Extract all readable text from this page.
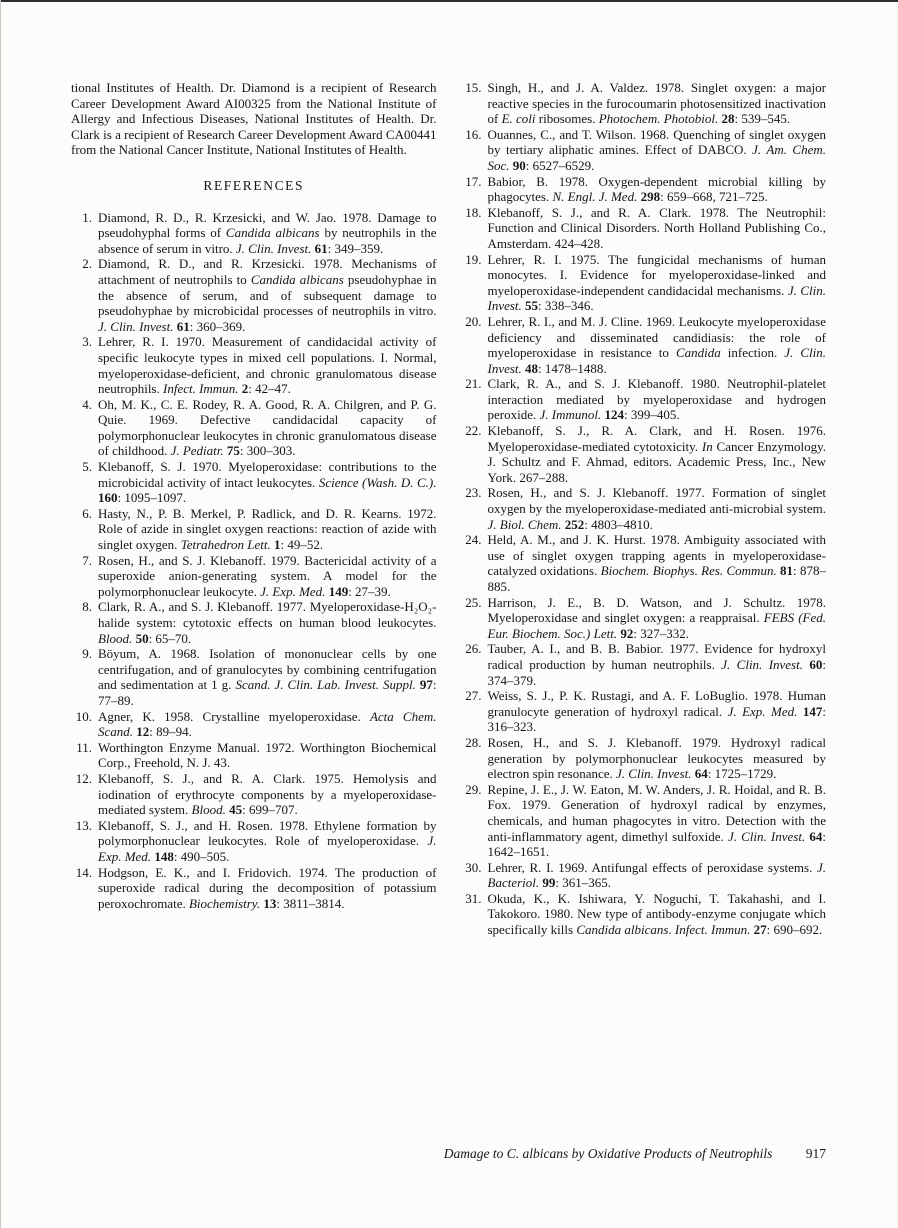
tional Institutes of Health. Dr. Diamond is a recipient of Research Career Development Award AI00325 from the National Institute of Allergy and Infectious Diseases, National Institutes of Health. Dr. Clark is a recipient of Research Career Development Award CA00441 from the National Cancer Institute, National Institutes of Health.

REFERENCES
1. Diamond, R. D., R. Krzesicki, and W. Jao. 1978. Damage to pseudohyphal forms of Candida albicans by neutrophils in the absence of serum in vitro. J. Clin. Invest. 61: 349–359.
2. Diamond, R. D., and R. Krzesicki. 1978. Mechanisms of attachment of neutrophils to Candida albicans pseudohyphae in the absence of serum, and of subsequent damage to pseudohyphae by microbicidal processes of neutrophils in vitro. J. Clin. Invest. 61: 360–369.
3. Lehrer, R. I. 1970. Measurement of candidacidal activity of specific leukocyte types in mixed cell populations. I. Normal, myeloperoxidase-deficient, and chronic granulomatous disease neutrophils. Infect. Immun. 2: 42–47.
4. Oh, M. K., C. E. Rodey, R. A. Good, R. A. Chilgren, and P. G. Quie. 1969. Defective candidacidal capacity of polymorphonuclear leukocytes in chronic granulomatous disease of childhood. J. Pediatr. 75: 300–303.
5. Klebanoff, S. J. 1970. Myeloperoxidase: contributions to the microbicidal activity of intact leukocytes. Science (Wash. D. C.). 160: 1095–1097.
6. Hasty, N., P. B. Merkel, P. Radlick, and D. R. Kearns. 1972. Role of azide in singlet oxygen reactions: reaction of azide with singlet oxygen. Tetrahedron Lett. 1: 49–52.
7. Rosen, H., and S. J. Klebanoff. 1979. Bactericidal activity of a superoxide anion-generating system. A model for the polymorphonuclear leukocyte. J. Exp. Med. 149: 27–39.
8. Clark, R. A., and S. J. Klebanoff. 1977. Myeloperoxidase-H₂O₂-halide system: cytotoxic effects on human blood leukocytes. Blood. 50: 65–70.
9. Böyum, A. 1968. Isolation of mononuclear cells by one centrifugation, and of granulocytes by combining centrifugation and sedimentation at 1 g. Scand. J. Clin. Lab. Invest. Suppl. 97: 77–89.
10. Agner, K. 1958. Crystalline myeloperoxidase. Acta Chem. Scand. 12: 89–94.
11. Worthington Enzyme Manual. 1972. Worthington Biochemical Corp., Freehold, N. J. 43.
12. Klebanoff, S. J., and R. A. Clark. 1975. Hemolysis and iodination of erythrocyte components by a myeloperoxidase-mediated system. Blood. 45: 699–707.
13. Klebanoff, S. J., and H. Rosen. 1978. Ethylene formation by polymorphonuclear leukocytes. Role of myeloperoxidase. J. Exp. Med. 148: 490–505.
14. Hodgson, E. K., and I. Fridovich. 1974. The production of superoxide radical during the decomposition of potassium peroxochromate. Biochemistry. 13: 3811–3814.
15. Singh, H., and J. A. Valdez. 1978. Singlet oxygen: a major reactive species in the furocoumarin photosensitized inactivation of E. coli ribosomes. Photochem. Photobiol. 28: 539–545.
16. Ouannes, C., and T. Wilson. 1968. Quenching of singlet oxygen by tertiary aliphatic amines. Effect of DABCO. J. Am. Chem. Soc. 90: 6527–6529.
17. Babior, B. 1978. Oxygen-dependent microbial killing by phagocytes. N. Engl. J. Med. 298: 659–668, 721–725.
18. Klebanoff, S. J., and R. A. Clark. 1978. The Neutrophil: Function and Clinical Disorders. North Holland Publishing Co., Amsterdam. 424–428.
19. Lehrer, R. I. 1975. The fungicidal mechanisms of human monocytes. I. Evidence for myeloperoxidase-linked and myeloperoxidase-independent candidacidal mechanisms. J. Clin. Invest. 55: 338–346.
20. Lehrer, R. I., and M. J. Cline. 1969. Leukocyte myeloperoxidase deficiency and disseminated candidiasis: the role of myeloperoxidase in resistance to Candida infection. J. Clin. Invest. 48: 1478–1488.
21. Clark, R. A., and S. J. Klebanoff. 1980. Neutrophil-platelet interaction mediated by myeloperoxidase and hydrogen peroxide. J. Immunol. 124: 399–405.
22. Klebanoff, S. J., R. A. Clark, and H. Rosen. 1976. Myeloperoxidase-mediated cytotoxicity. In Cancer Enzymology. J. Schultz and F. Ahmad, editors. Academic Press, Inc., New York. 267–288.
23. Rosen, H., and S. J. Klebanoff. 1977. Formation of singlet oxygen by the myeloperoxidase-mediated anti-microbial system. J. Biol. Chem. 252: 4803–4810.
24. Held, A. M., and J. K. Hurst. 1978. Ambiguity associated with use of singlet oxygen trapping agents in myeloperoxidase-catalyzed oxidations. Biochem. Biophys. Res. Commun. 81: 878–885.
25. Harrison, J. E., B. D. Watson, and J. Schultz. 1978. Myeloperoxidase and singlet oxygen: a reappraisal. FEBS (Fed. Eur. Biochem. Soc.) Lett. 92: 327–332.
26. Tauber, A. I., and B. B. Babior. 1977. Evidence for hydroxyl radical production by human neutrophils. J. Clin. Invest. 60: 374–379.
27. Weiss, S. J., P. K. Rustagi, and A. F. LoBuglio. 1978. Human granulocyte generation of hydroxyl radical. J. Exp. Med. 147: 316–323.
28. Rosen, H., and S. J. Klebanoff. 1979. Hydroxyl radical generation by polymorphonuclear leukocytes measured by electron spin resonance. J. Clin. Invest. 64: 1725–1729.
29. Repine, J. E., J. W. Eaton, M. W. Anders, J. R. Hoidal, and R. B. Fox. 1979. Generation of hydroxyl radical by enzymes, chemicals, and human phagocytes in vitro. Detection with the anti-inflammatory agent, dimethyl sulfoxide. J. Clin. Invest. 64: 1642–1651.
30. Lehrer, R. I. 1969. Antifungal effects of peroxidase systems. J. Bacteriol. 99: 361–365.
31. Okuda, K., K. Ishiwara, Y. Noguchi, T. Takahashi, and I. Takokoro. 1980. New type of antibody-enzyme conjugate which specifically kills Candida albicans. Infect. Immun. 27: 690–692.
Damage to C. albicans by Oxidative Products of Neutrophils 917
